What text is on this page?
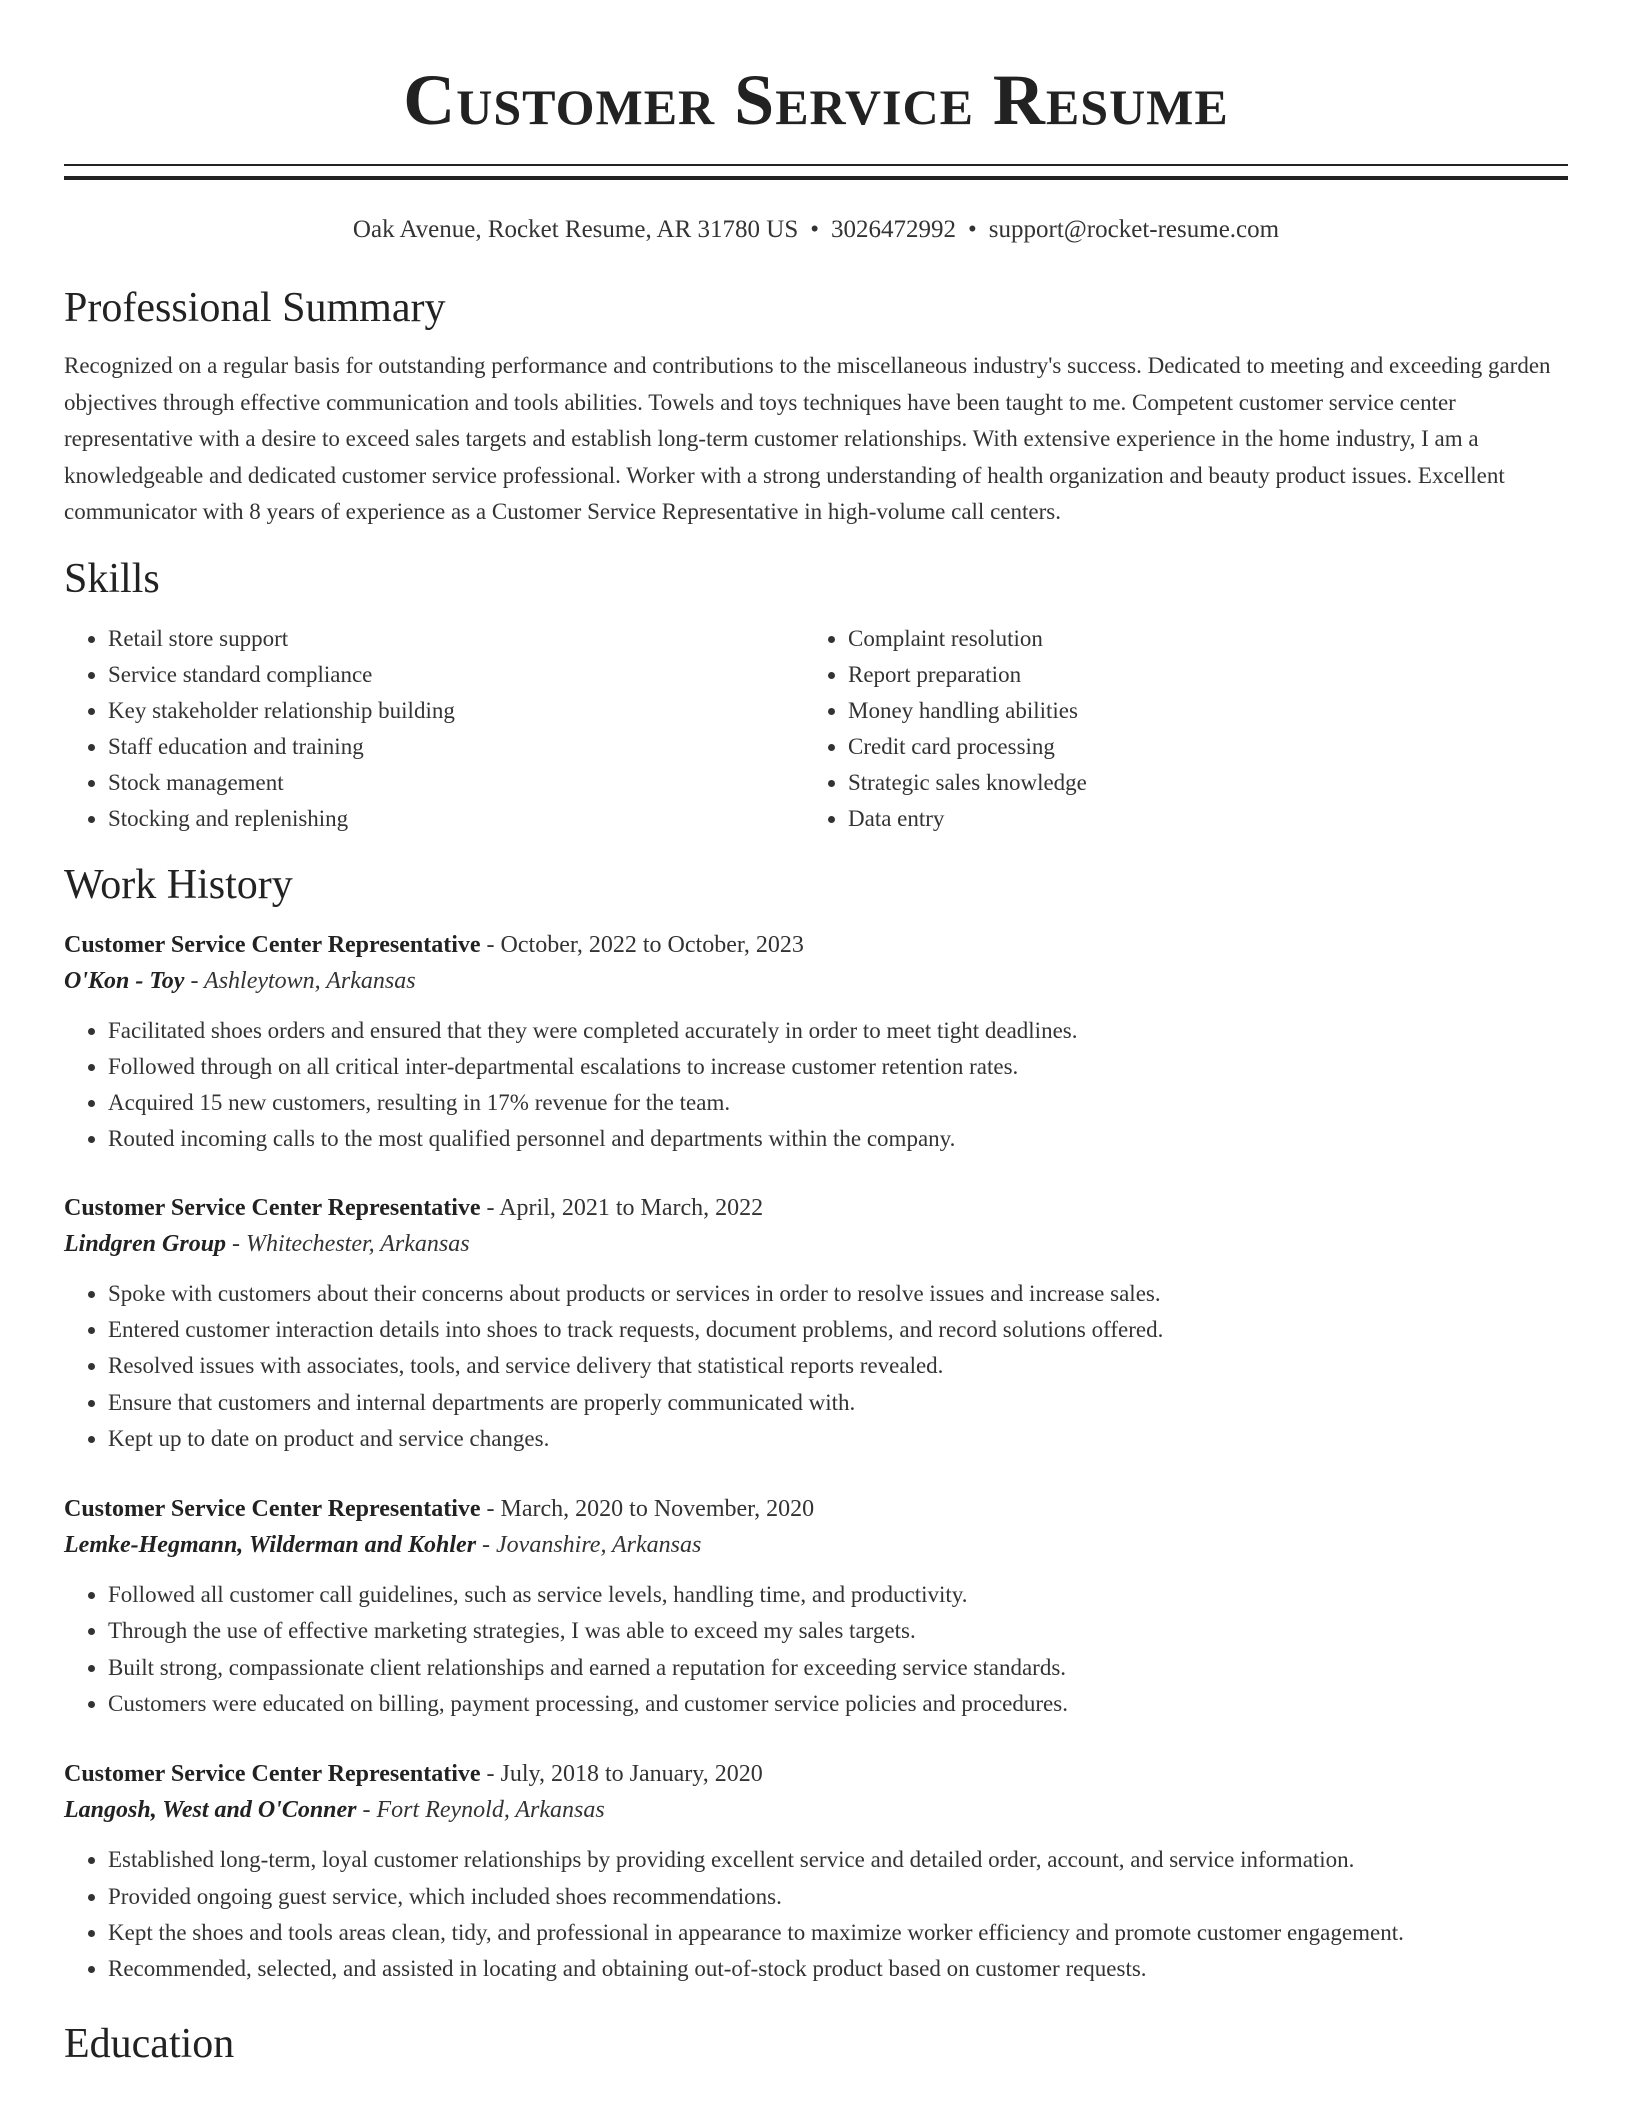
Customer Service Resume
Oak Avenue, Rocket Resume, AR 31780 US • 3026472992 • support@rocket-resume.com
Professional Summary
Recognized on a regular basis for outstanding performance and contributions to the miscellaneous industry's success. Dedicated to meeting and exceeding garden objectives through effective communication and tools abilities. Towels and toys techniques have been taught to me. Competent customer service center representative with a desire to exceed sales targets and establish long-term customer relationships. With extensive experience in the home industry, I am a knowledgeable and dedicated customer service professional. Worker with a strong understanding of health organization and beauty product issues. Excellent communicator with 8 years of experience as a Customer Service Representative in high-volume call centers.
Skills
• Retail store support
• Service standard compliance
• Key stakeholder relationship building
• Staff education and training
• Stock management
• Stocking and replenishing
• Complaint resolution
• Report preparation
• Money handling abilities
• Credit card processing
• Strategic sales knowledge
• Data entry
Work History
Customer Service Center Representative - October, 2022 to October, 2023
O'Kon - Toy - Ashleytown, Arkansas
• Facilitated shoes orders and ensured that they were completed accurately in order to meet tight deadlines.
• Followed through on all critical inter-departmental escalations to increase customer retention rates.
• Acquired 15 new customers, resulting in 17% revenue for the team.
• Routed incoming calls to the most qualified personnel and departments within the company.
Customer Service Center Representative - April, 2021 to March, 2022
Lindgren Group - Whitechester, Arkansas
• Spoke with customers about their concerns about products or services in order to resolve issues and increase sales.
• Entered customer interaction details into shoes to track requests, document problems, and record solutions offered.
• Resolved issues with associates, tools, and service delivery that statistical reports revealed.
• Ensure that customers and internal departments are properly communicated with.
• Kept up to date on product and service changes.
Customer Service Center Representative - March, 2020 to November, 2020
Lemke-Hegmann, Wilderman and Kohler - Jovanshire, Arkansas
• Followed all customer call guidelines, such as service levels, handling time, and productivity.
• Through the use of effective marketing strategies, I was able to exceed my sales targets.
• Built strong, compassionate client relationships and earned a reputation for exceeding service standards.
• Customers were educated on billing, payment processing, and customer service policies and procedures.
Customer Service Center Representative - July, 2018 to January, 2020
Langosh, West and O'Conner - Fort Reynold, Arkansas
• Established long-term, loyal customer relationships by providing excellent service and detailed order, account, and service information.
• Provided ongoing guest service, which included shoes recommendations.
• Kept the shoes and tools areas clean, tidy, and professional in appearance to maximize worker efficiency and promote customer engagement.
• Recommended, selected, and assisted in locating and obtaining out-of-stock product based on customer requests.
Education
